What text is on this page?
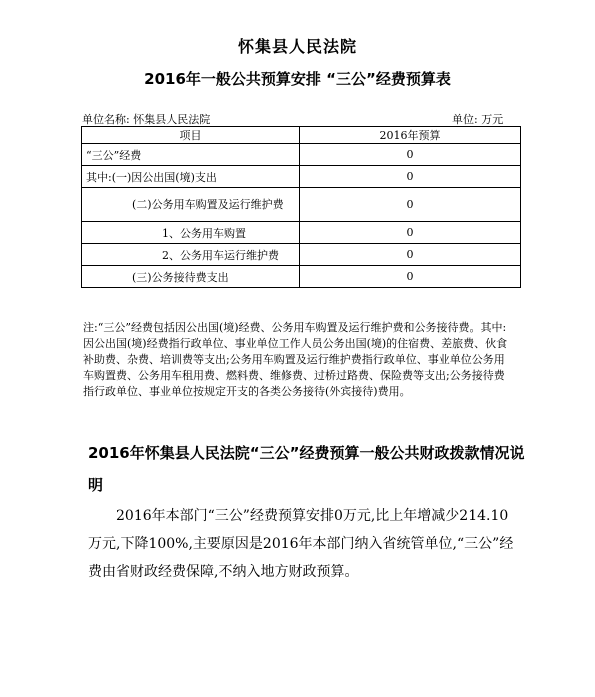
怀集县人民法院
2016年一般公共预算安排 “三公”经费预算表
单位名称: 怀集县人民法院	单位: 万元
项目	2016年预算
“三公”经费	0
其中:(一)因公出国(境)支出	0
(二)公务用车购置及运行维护费	0
1、公务用车购置	0
2、公务用车运行维护费	0
(三)公务接待费支出	0
注:“三公”经费包括因公出国(境)经费、公务用车购置及运行维护费和公务接待费。其中:因公出国(境)经费指行政单位、事业单位工作人员公务出国(境)的住宿费、差旅费、伙食补助费、杂费、培训费等支出;公务用车购置及运行维护费指行政单位、事业单位公务用车购置费、公务用车租用费、燃料费、维修费、过桥过路费、保险费等支出;公务接待费指行政单位、事业单位按规定开支的各类公务接待(外宾接待)费用。
2016年怀集县人民法院“三公”经费预算一般公共财政拨款情况说明
2016年本部门“三公”经费预算安排0万元,比上年增减少214.10万元,下降100%,主要原因是2016年本部门纳入省统管单位,“三公”经费由省财政经费保障,不纳入地方财政预算。
